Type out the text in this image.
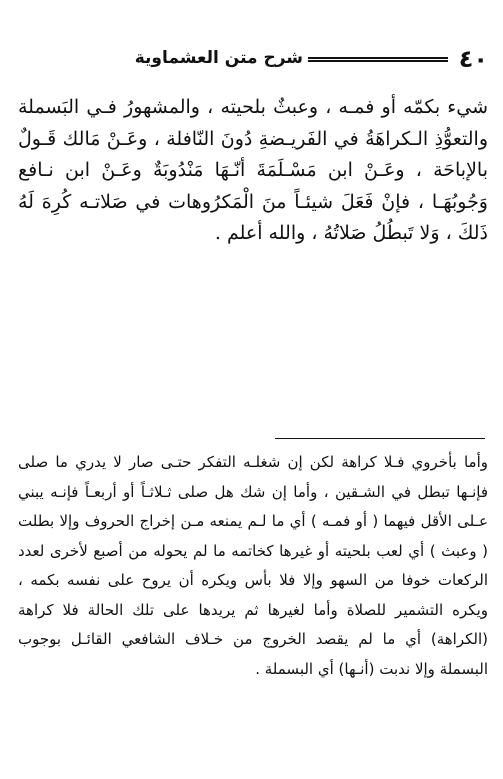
٤٠
شرح متن العشماوية

شيء بكمّه أو فمـه ، وعبثٌ بلحيته ، والمشهورُ فـي البَسملة والتعوُّذِ الـكراهَةُ في الفَريـضةِ دُونَ النّافلة ، وعَـنْ مَالك قَـولٌ بالإباحَة ، وعَـنْ ابن مَسْـلَمَةَ أنّـهَا مَنْدُوبَةٌ وعَـنْ ابن نـافع وَجُوبُهَـا ، فإنْ فَعَلَ شيئـاً منَ الْمَكرُوهات في صَلاتـه كُرِهَ لَهُ ذَلكَ ، وَلا تَبطُلُ صَلاتُهُ ، والله أعلم .

وأما بأخروي فـلا كراهة لكن إن شغلـه التفكر حتـى صار لا يدري ما صلى فإنـها تبطل في الشـقين ، وأما إن شك هل صلى ثـلاثـاً أو أربعـاً فإنـه يبني عـلى الأقل فيهما ( أو فمـه ) أي ما لـم يمنعه مـن إخراج الحروف وإلا بطلت ( وعبث ) أي لعب بلحيته أو غيرها كخاتمه ما لم يحوله من أصبع لأخرى لعدد الركعات خوفا من السهو وإلا فلا بأس ويكره أن يروح على نفسه بكمه ، ويكره التشمير للصلاة وأما لغيرها ثم يريدها على تلك الحالة فلا كراهة (الكراهة) أي ما لم يقصد الخروج من خـلاف الشافعي القائـل بوجوب البسملة وإلا ندبت (أنـها) أي البسملة .
